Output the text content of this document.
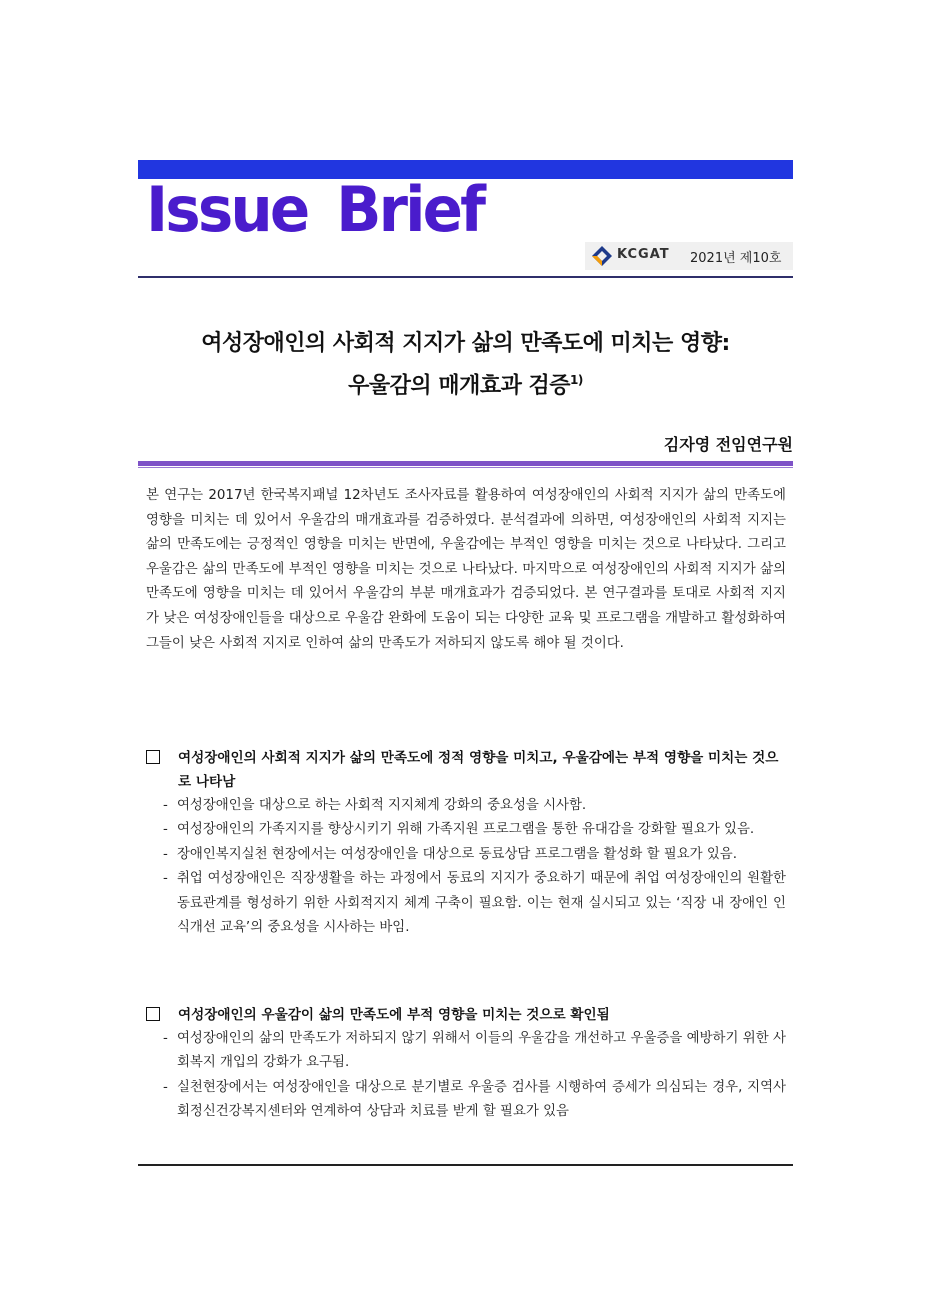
Issue Brief
KCGAT 2021년 제10호
여성장애인의 사회적 지지가 삶의 만족도에 미치는 영향:
우울감의 매개효과 검증$^{1)}$
김자영 전임연구원
본 연구는 2017년 한국복지패널 12차년도 조사자료를 활용하여 여성장애인의 사회적 지지가 삶의 만족도에 영향을 미치는 데 있어서 우울감의 매개효과를 검증하였다. 분석결과에 의하면, 여성장애인의 사회적 지지는 삶의 만족도에는 긍정적인 영향을 미치는 반면에, 우울감에는 부적인 영향을 미치는 것으로 나타났다. 그리고 우울감은 삶의 만족도에 부적인 영향을 미치는 것으로 나타났다. 마지막으로 여성장애인의 사회적 지지가 삶의 만족도에 영향을 미치는 데 있어서 우울감의 부분 매개효과가 검증되었다. 본 연구결과를 토대로 사회적 지지가 낮은 여성장애인들을 대상으로 우울감 완화에 도움이 되는 다양한 교육 및 프로그램을 개발하고 활성화하여 그들이 낮은 사회적 지지로 인하여 삶의 만족도가 저하되지 않도록 해야 될 것이다.
여성장애인의 사회적 지지가 삶의 만족도에 정적 영향을 미치고, 우울감에는 부적 영향을 미치는 것으로 나타남
- 여성장애인을 대상으로 하는 사회적 지지체계 강화의 중요성을 시사함.
- 여성장애인의 가족지지를 향상시키기 위해 가족지원 프로그램을 통한 유대감을 강화할 필요가 있음.
- 장애인복지실천 현장에서는 여성장애인을 대상으로 동료상담 프로그램을 활성화 할 필요가 있음.
- 취업 여성장애인은 직장생활을 하는 과정에서 동료의 지지가 중요하기 때문에 취업 여성장애인의 원활한 동료관계를 형성하기 위한 사회적지지 체계 구축이 필요함. 이는 현재 실시되고 있는 ‘직장 내 장애인 인식개선 교육’의 중요성을 시사하는 바임.
여성장애인의 우울감이 삶의 만족도에 부적 영향을 미치는 것으로 확인됨
- 여성장애인의 삶의 만족도가 저하되지 않기 위해서 이들의 우울감을 개선하고 우울증을 예방하기 위한 사회복지 개입의 강화가 요구됨.
- 실천현장에서는 여성장애인을 대상으로 분기별로 우울증 검사를 시행하여 증세가 의심되는 경우, 지역사회정신건강복지센터와 연계하여 상담과 치료를 받게 할 필요가 있음
